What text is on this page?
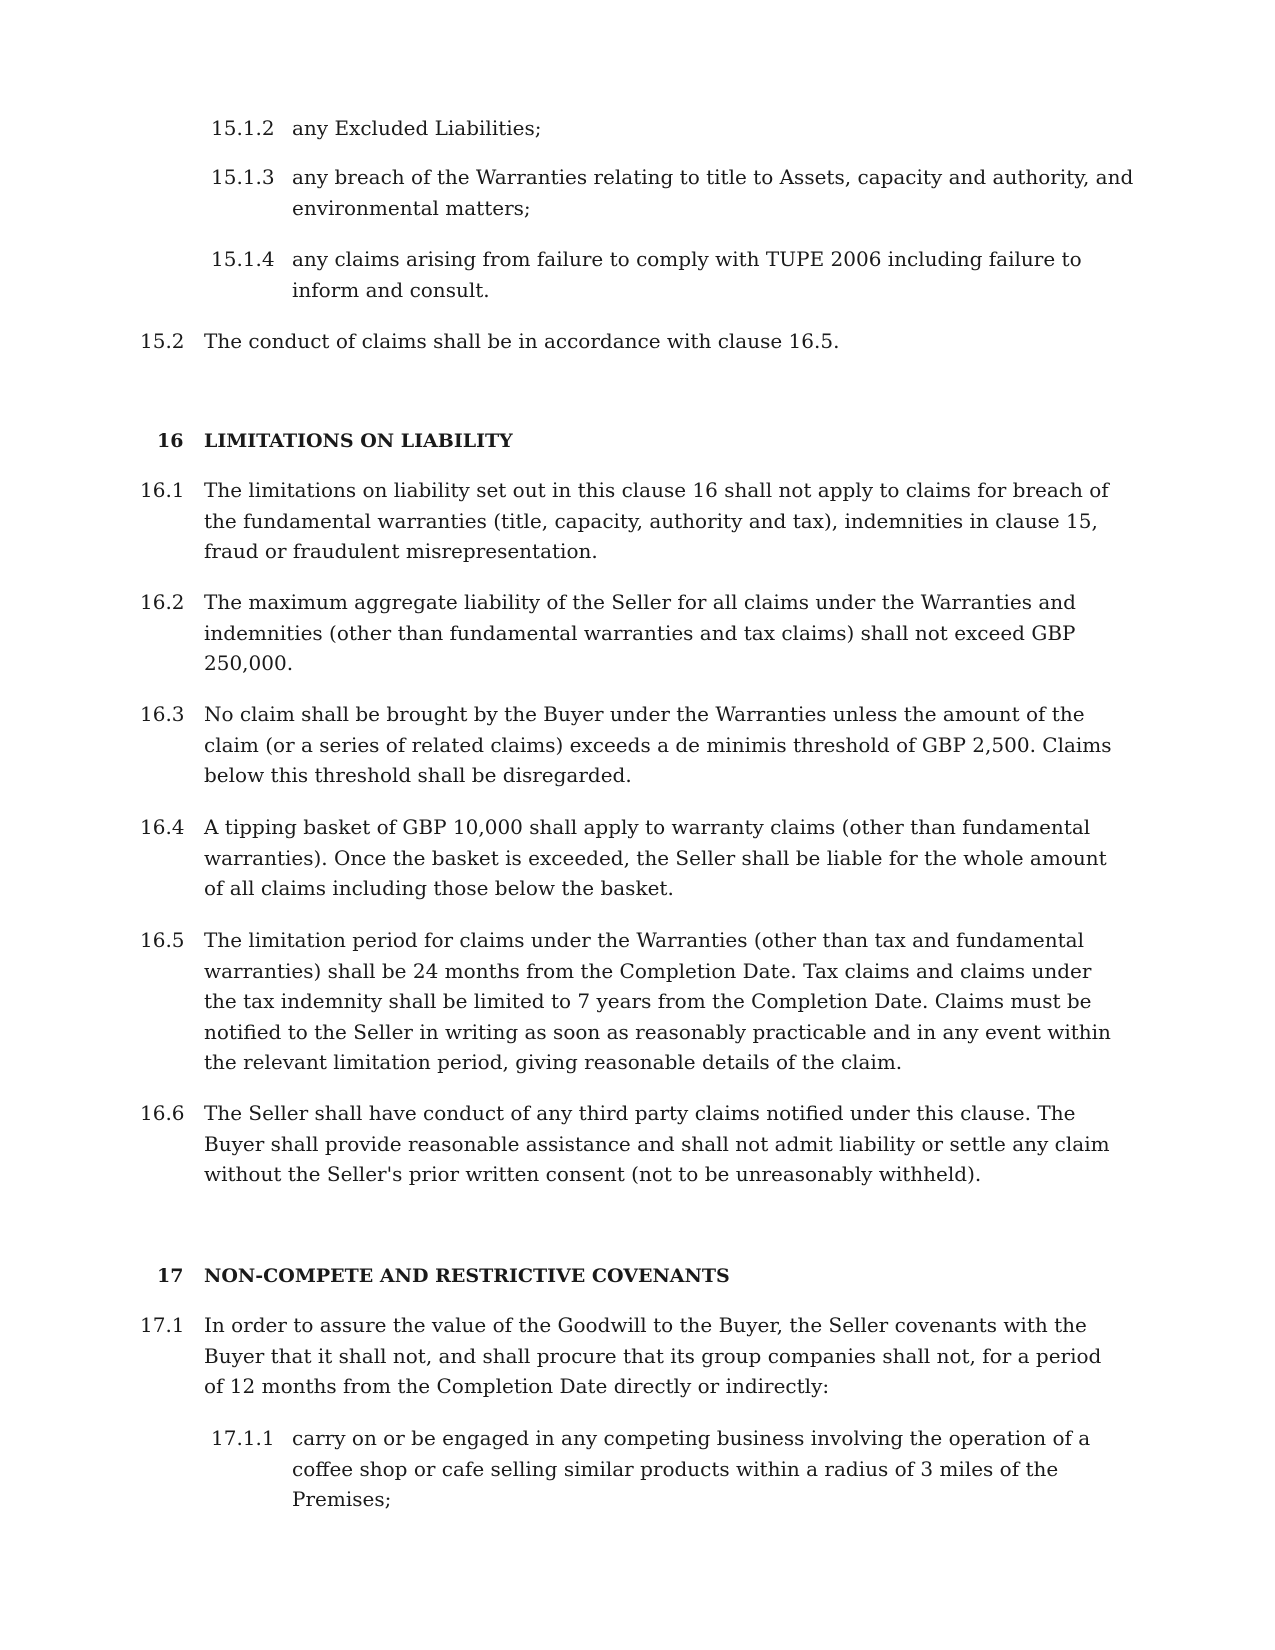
15.1.2 any Excluded Liabilities;
15.1.3 any breach of the Warranties relating to title to Assets, capacity and authority, and environmental matters;
15.1.4 any claims arising from failure to comply with TUPE 2006 including failure to inform and consult.
15.2 The conduct of claims shall be in accordance with clause 16.5.
16 LIMITATIONS ON LIABILITY
16.1 The limitations on liability set out in this clause 16 shall not apply to claims for breach of the fundamental warranties (title, capacity, authority and tax), indemnities in clause 15, fraud or fraudulent misrepresentation.
16.2 The maximum aggregate liability of the Seller for all claims under the Warranties and indemnities (other than fundamental warranties and tax claims) shall not exceed GBP 250,000.
16.3 No claim shall be brought by the Buyer under the Warranties unless the amount of the claim (or a series of related claims) exceeds a de minimis threshold of GBP 2,500. Claims below this threshold shall be disregarded.
16.4 A tipping basket of GBP 10,000 shall apply to warranty claims (other than fundamental warranties). Once the basket is exceeded, the Seller shall be liable for the whole amount of all claims including those below the basket.
16.5 The limitation period for claims under the Warranties (other than tax and fundamental warranties) shall be 24 months from the Completion Date. Tax claims and claims under the tax indemnity shall be limited to 7 years from the Completion Date. Claims must be notified to the Seller in writing as soon as reasonably practicable and in any event within the relevant limitation period, giving reasonable details of the claim.
16.6 The Seller shall have conduct of any third party claims notified under this clause. The Buyer shall provide reasonable assistance and shall not admit liability or settle any claim without the Seller's prior written consent (not to be unreasonably withheld).
17 NON-COMPETE AND RESTRICTIVE COVENANTS
17.1 In order to assure the value of the Goodwill to the Buyer, the Seller covenants with the Buyer that it shall not, and shall procure that its group companies shall not, for a period of 12 months from the Completion Date directly or indirectly:
17.1.1 carry on or be engaged in any competing business involving the operation of a coffee shop or cafe selling similar products within a radius of 3 miles of the Premises;
